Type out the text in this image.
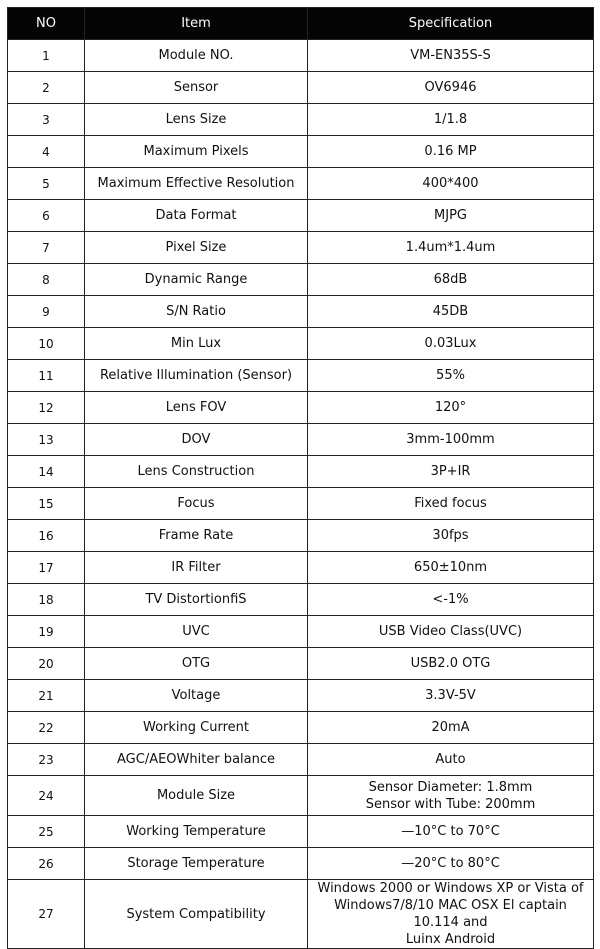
NO	Item	Specification
1	Module NO.	VM-EN35S-S
2	Sensor	OV6946
3	Lens Size	1/1.8
4	Maximum Pixels	0.16 MP
5	Maximum Effective Resolution	400*400
6	Data Format	MJPG
7	Pixel Size	1.4um*1.4um
8	Dynamic Range	68dB
9	S/N Ratio	45DB
10	Min Lux	0.03Lux
11	Relative Illumination (Sensor)	55%
12	Lens FOV	120°
13	DOV	3mm-100mm
14	Lens Construction	3P+IR
15	Focus	Fixed focus
16	Frame Rate	30fps
17	IR Filter	650±10nm
18	TV DistortionfiS	<-1%
19	UVC	USB Video Class(UVC)
20	OTG	USB2.0 OTG
21	Voltage	3.3V-5V
22	Working Current	20mA
23	AGC/AEOWhiter balance	Auto
24	Module Size	Sensor Diameter: 1.8mm
Sensor with Tube: 200mm
25	Working Temperature	—10°C to 70°C
26	Storage Temperature	—20°C to 80°C
27	System Compatibility	Windows 2000 or Windows XP or Vista of
Windows7/8/10 MAC OSX El captain 10.114 and
Luinx Android
